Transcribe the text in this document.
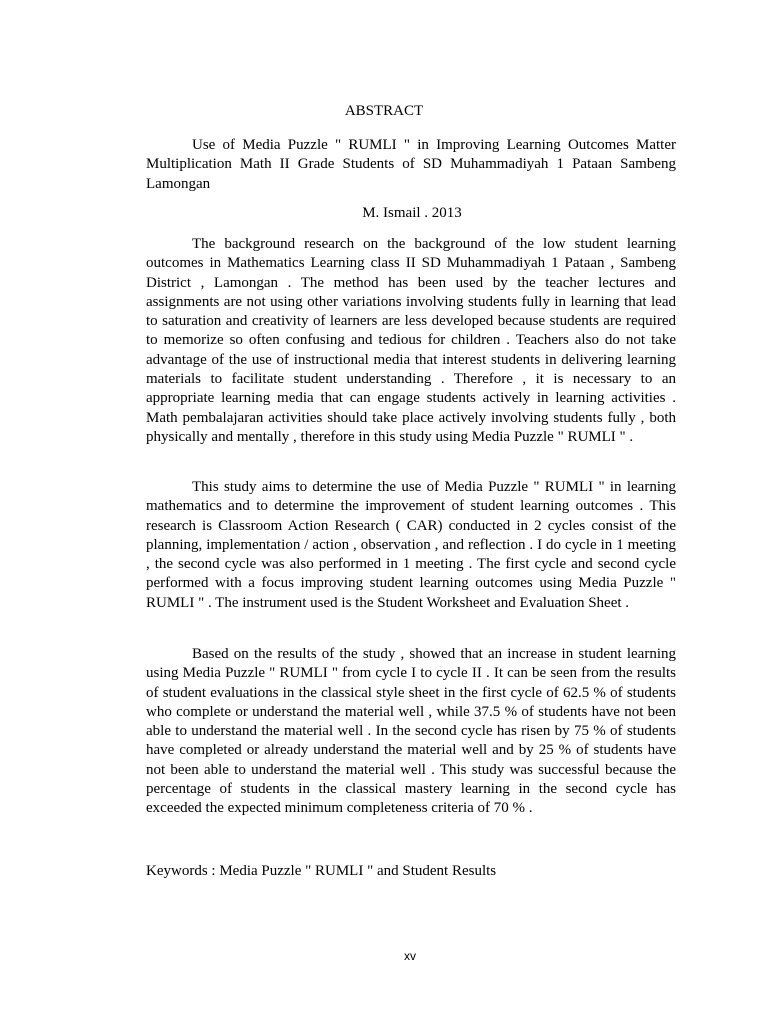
ABSTRACT

Use of Media Puzzle " RUMLI " in Improving Learning Outcomes Matter Multiplication Math II Grade Students of SD Muhammadiyah 1 Pataan Sambeng Lamongan

M. Ismail . 2013

The background research on the background of the low student learning outcomes in Mathematics Learning class II SD Muhammadiyah 1 Pataan , Sambeng District , Lamongan . The method has been used by the teacher lectures and assignments are not using other variations involving students fully in learning that lead to saturation and creativity of learners are less developed because students are required to memorize so often confusing and tedious for children . Teachers also do not take advantage of the use of instructional media that interest students in delivering learning materials to facilitate student understanding . Therefore , it is necessary to an appropriate learning media that can engage students actively in learning activities . Math pembalajaran activities should take place actively involving students fully , both physically and mentally , therefore in this study using Media Puzzle " RUMLI " .

This study aims to determine the use of Media Puzzle " RUMLI " in learning mathematics and to determine the improvement of student learning outcomes . This research is Classroom Action Research ( CAR) conducted in 2 cycles consist of the planning, implementation / action , observation , and reflection . I do cycle in 1 meeting , the second cycle was also performed in 1 meeting . The first cycle and second cycle performed with a focus improving student learning outcomes using Media Puzzle " RUMLI " . The instrument used is the Student Worksheet and Evaluation Sheet .

Based on the results of the study , showed that an increase in student learning using Media Puzzle " RUMLI " from cycle I to cycle II . It can be seen from the results of student evaluations in the classical style sheet in the first cycle of 62.5 % of students who complete or understand the material well , while 37.5 % of students have not been able to understand the material well . In the second cycle has risen by 75 % of students have completed or already understand the material well and by 25 % of students have not been able to understand the material well . This study was successful because the percentage of students in the classical mastery learning in the second cycle has exceeded the expected minimum completeness criteria of 70 % .

Keywords : Media Puzzle " RUMLI " and Student Results
xv
